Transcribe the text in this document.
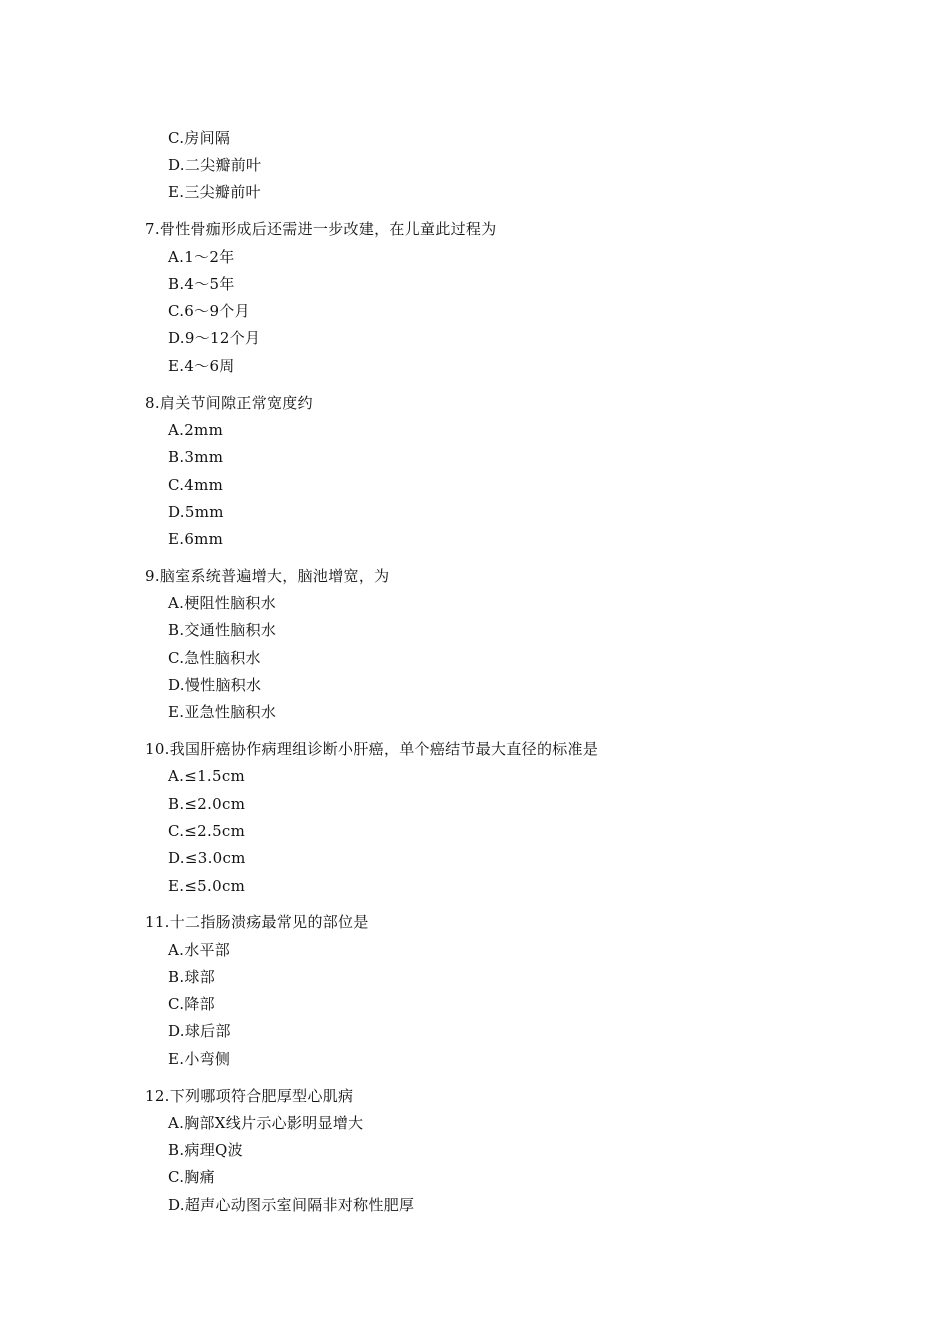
C.房间隔
D.二尖瓣前叶
E.三尖瓣前叶
7.骨性骨痂形成后还需进一步改建，在儿童此过程为
A.1～2年
B.4～5年
C.6～9个月
D.9～12个月
E.4～6周
8.肩关节间隙正常宽度约
A.2mm
B.3mm
C.4mm
D.5mm
E.6mm
9.脑室系统普遍增大，脑池增宽，为
A.梗阻性脑积水
B.交通性脑积水
C.急性脑积水
D.慢性脑积水
E.亚急性脑积水
10.我国肝癌协作病理组诊断小肝癌，单个癌结节最大直径的标准是
A.≤1.5cm
B.≤2.0cm
C.≤2.5cm
D.≤3.0cm
E.≤5.0cm
11.十二指肠溃疡最常见的部位是
A.水平部
B.球部
C.降部
D.球后部
E.小弯侧
12.下列哪项符合肥厚型心肌病
A.胸部X线片示心影明显增大
B.病理Q波
C.胸痛
D.超声心动图示室间隔非对称性肥厚
